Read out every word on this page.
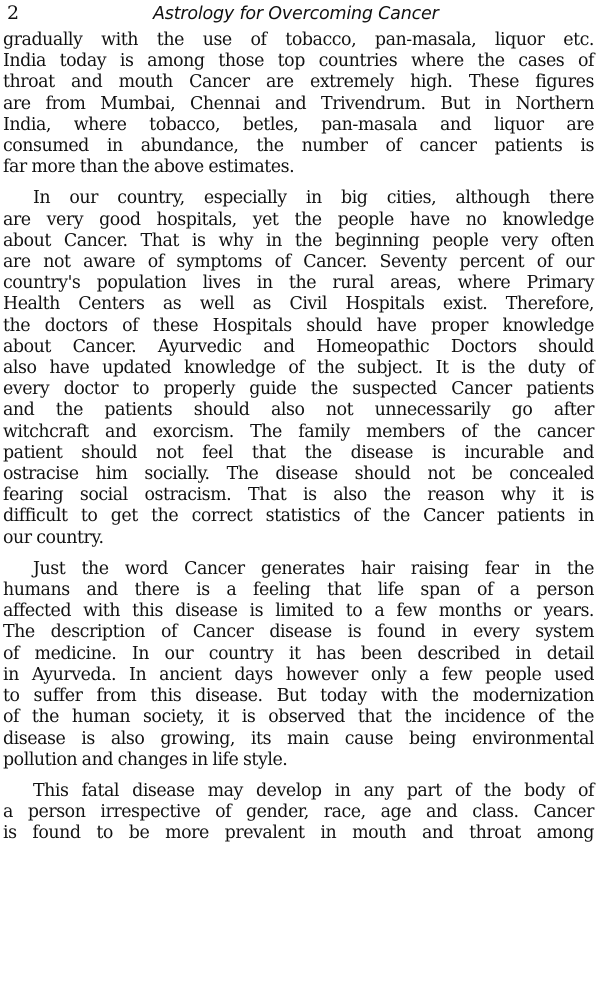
2	Astrology for Overcoming Cancer

gradually with the use of tobacco, pan-masala, liquor etc.
India today is among those top countries where the cases of
throat and mouth Cancer are extremely high. These figures
are from Mumbai, Chennai and Trivendrum. But in Northern
India, where tobacco, betles, pan-masala and liquor are
consumed in abundance, the number of cancer patients is
far more than the above estimates.

In our country, especially in big cities, although there
are very good hospitals, yet the people have no knowledge
about Cancer. That is why in the beginning people very often
are not aware of symptoms of Cancer. Seventy percent of our
country's population lives in the rural areas, where Primary
Health Centers as well as Civil Hospitals exist. Therefore,
the doctors of these Hospitals should have proper knowledge
about Cancer. Ayurvedic and Homeopathic Doctors should
also have updated knowledge of the subject. It is the duty of
every doctor to properly guide the suspected Cancer patients
and the patients should also not unnecessarily go after
witchcraft and exorcism. The family members of the cancer
patient should not feel that the disease is incurable and
ostracise him socially. The disease should not be concealed
fearing social ostracism. That is also the reason why it is
difficult to get the correct statistics of the Cancer patients in
our country.

Just the word Cancer generates hair raising fear in the
humans and there is a feeling that life span of a person
affected with this disease is limited to a few months or years.
The description of Cancer disease is found in every system
of medicine. In our country it has been described in detail
in Ayurveda. In ancient days however only a few people used
to suffer from this disease. But today with the modernization
of the human society, it is observed that the incidence of the
disease is also growing, its main cause being environmental
pollution and changes in life style.

This fatal disease may develop in any part of the body of
a person irrespective of gender, race, age and class. Cancer
is found to be more prevalent in mouth and throat among
